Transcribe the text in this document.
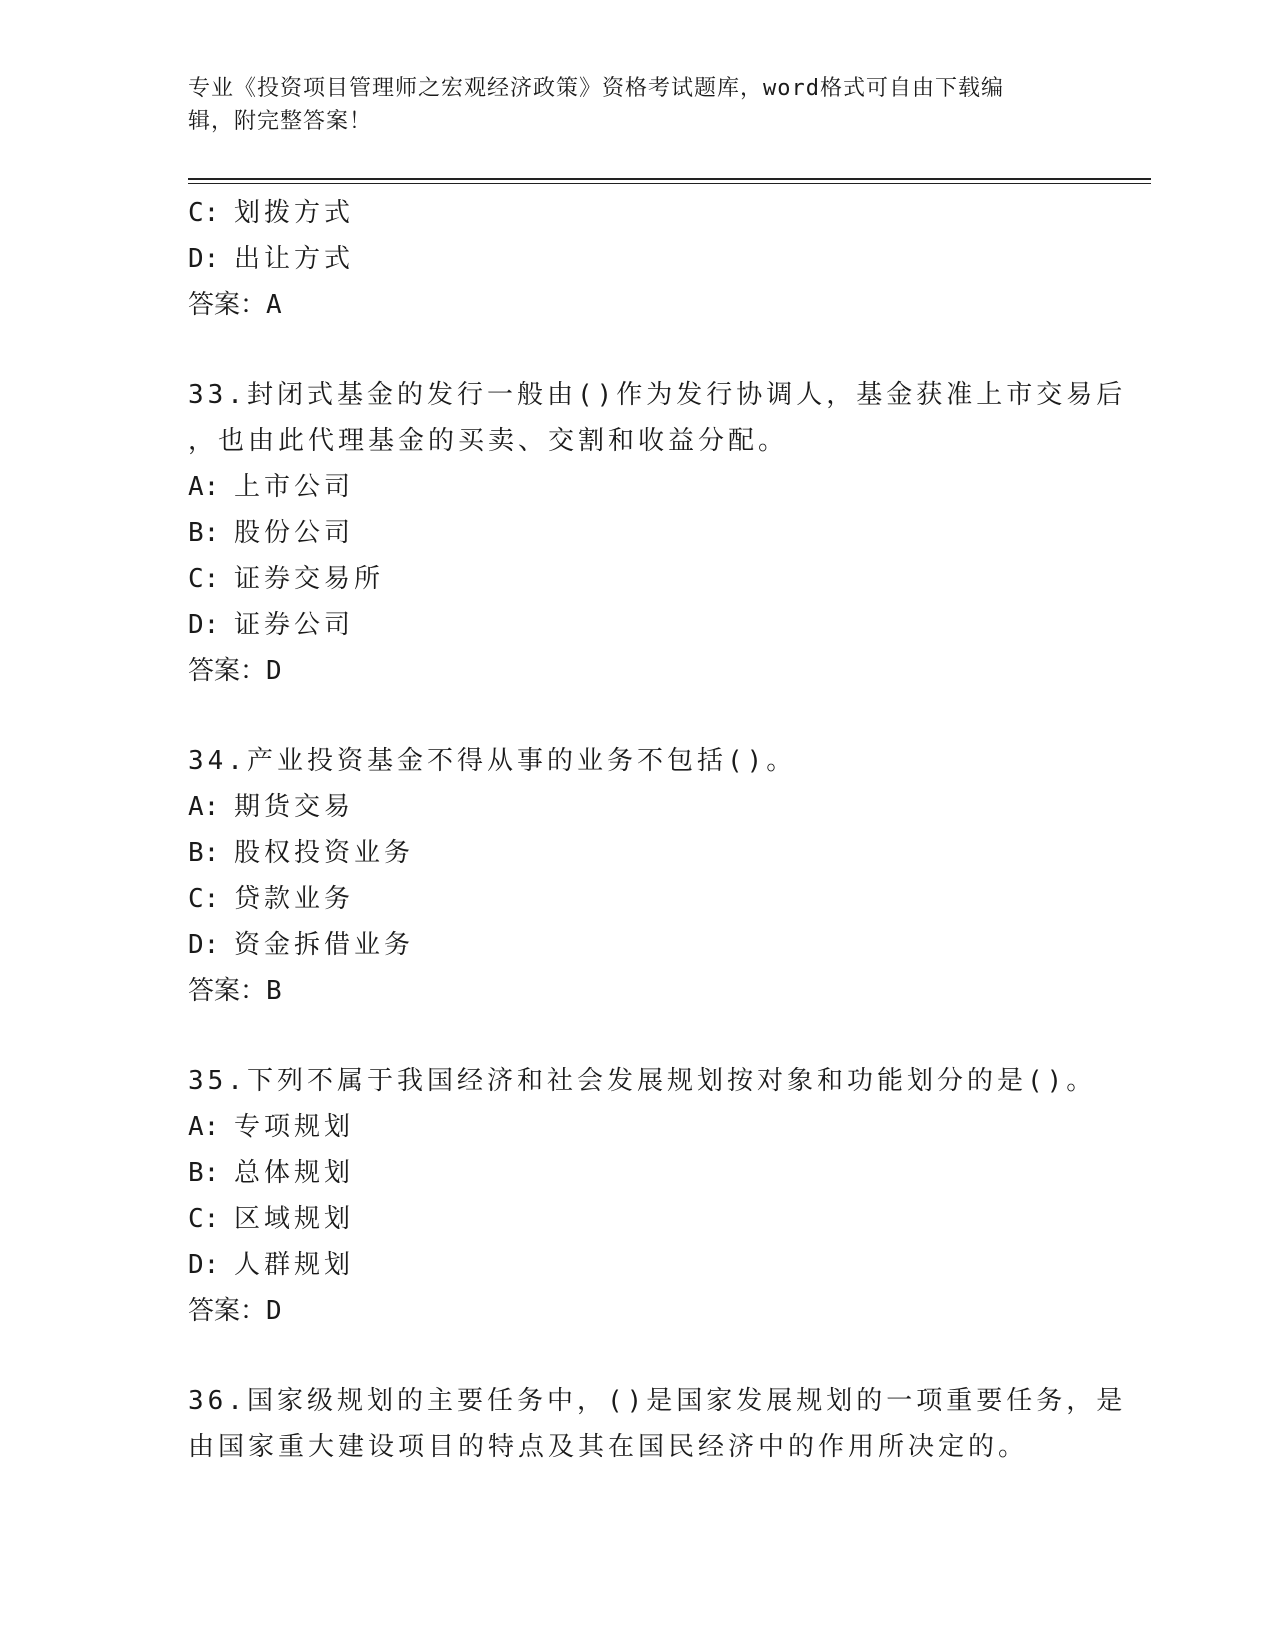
专业《投资项目管理师之宏观经济政策》资格考试题库，word格式可自由下载编
辑，附完整答案！
C: 划拨方式
D: 出让方式
答案：A
33.封闭式基金的发行一般由()作为发行协调人，基金获准上市交易后
，也由此代理基金的买卖、交割和收益分配。
A: 上市公司
B: 股份公司
C: 证券交易所
D: 证券公司
答案：D
34.产业投资基金不得从事的业务不包括()。
A: 期货交易
B: 股权投资业务
C: 贷款业务
D: 资金拆借业务
答案：B
35.下列不属于我国经济和社会发展规划按对象和功能划分的是()。
A: 专项规划
B: 总体规划
C: 区域规划
D: 人群规划
答案：D
36.国家级规划的主要任务中，()是国家发展规划的一项重要任务，是
由国家重大建设项目的特点及其在国民经济中的作用所决定的。
